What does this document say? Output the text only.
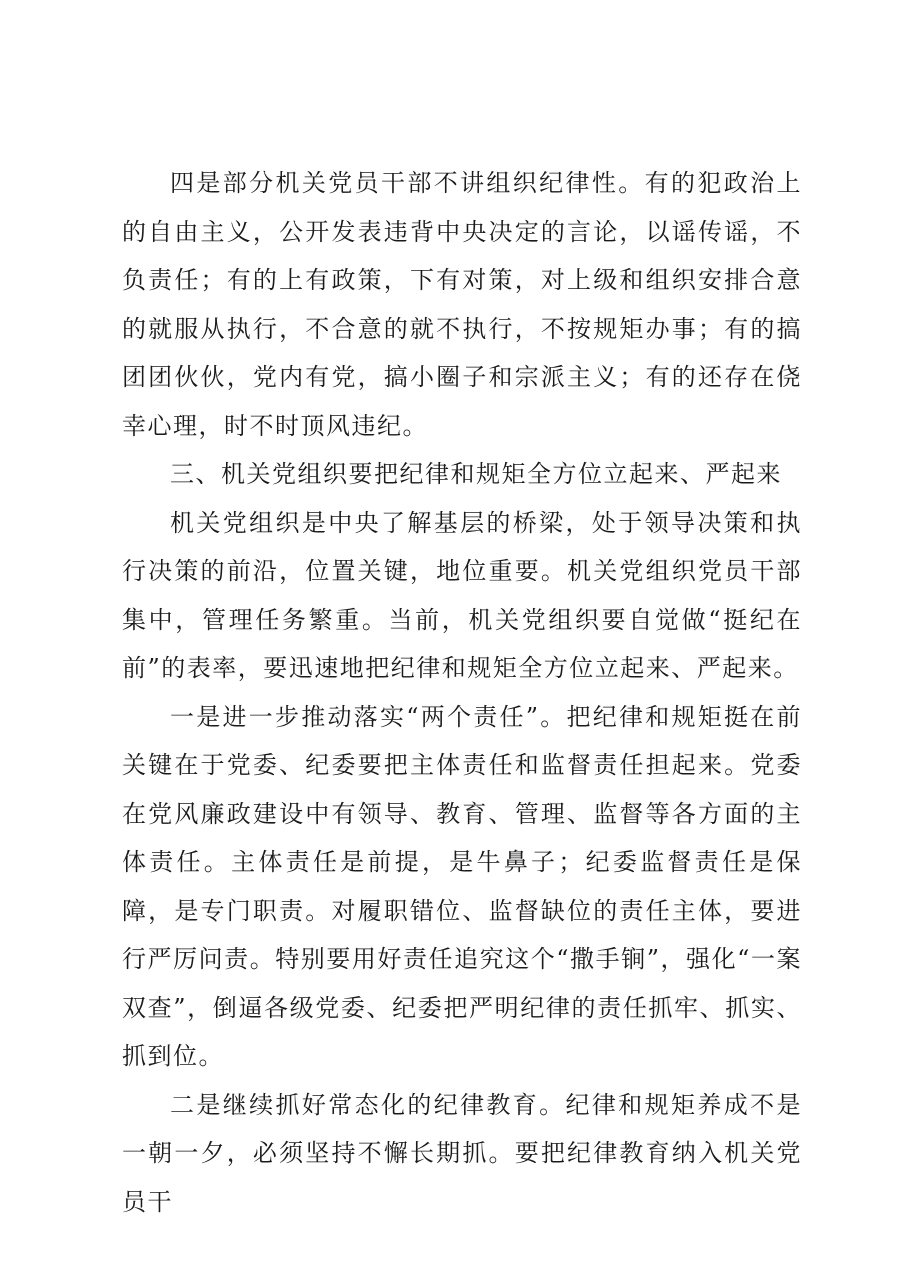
四是部分机关党员干部不讲组织纪律性。有的犯政治上的自由主义，公开发表违背中央决定的言论，以谣传谣，不负责任；有的上有政策，下有对策，对上级和组织安排合意的就服从执行，不合意的就不执行，不按规矩办事；有的搞团团伙伙，党内有党，搞小圈子和宗派主义；有的还存在侥幸心理，时不时顶风违纪。

三、机关党组织要把纪律和规矩全方位立起来、严起来

机关党组织是中央了解基层的桥梁，处于领导决策和执行决策的前沿，位置关键，地位重要。机关党组织党员干部集中，管理任务繁重。当前，机关党组织要自觉做“挺纪在前”的表率，要迅速地把纪律和规矩全方位立起来、严起来。

一是进一步推动落实“两个责任”。把纪律和规矩挺在前关键在于党委、纪委要把主体责任和监督责任担起来。党委在党风廉政建设中有领导、教育、管理、监督等各方面的主体责任。主体责任是前提，是牛鼻子；纪委监督责任是保障，是专门职责。对履职错位、监督缺位的责任主体，要进行严厉问责。特别要用好责任追究这个“撒手锏”，强化“一案双查”，倒逼各级党委、纪委把严明纪律的责任抓牢、抓实、抓到位。

二是继续抓好常态化的纪律教育。纪律和规矩养成不是一朝一夕，必须坚持不懈长期抓。要把纪律教育纳入机关党员干
